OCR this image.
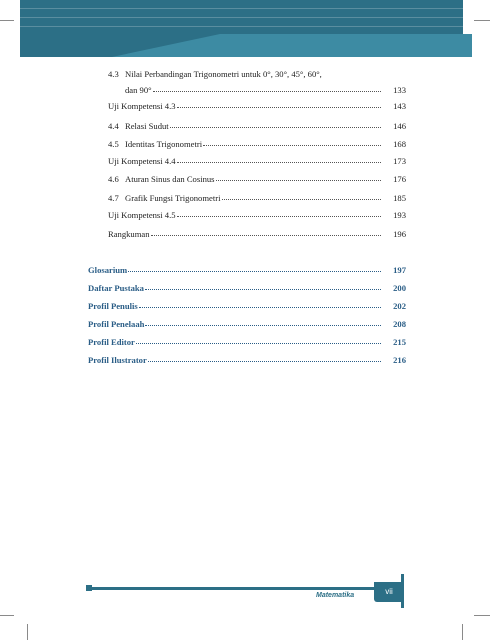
4.3 Nilai Perbandingan Trigonometri untuk 0°, 30°, 45°, 60°,
dan 90°	133
Uji Kompetensi 4.3	143
4.4 Relasi Sudut	146
4.5 Identitas Trigonometri	168
Uji Kompetensi 4.4	173
4.6 Aturan Sinus dan Cosinus	176
4.7 Grafik Fungsi Trigonometri	185
Uji Kompetensi 4.5	193
Rangkuman	196
Glosarium	197
Daftar Pustaka	200
Profil Penulis	202
Profil Penelaah	208
Profil Editor	215
Profil Ilustrator	216
Matematika	vii
